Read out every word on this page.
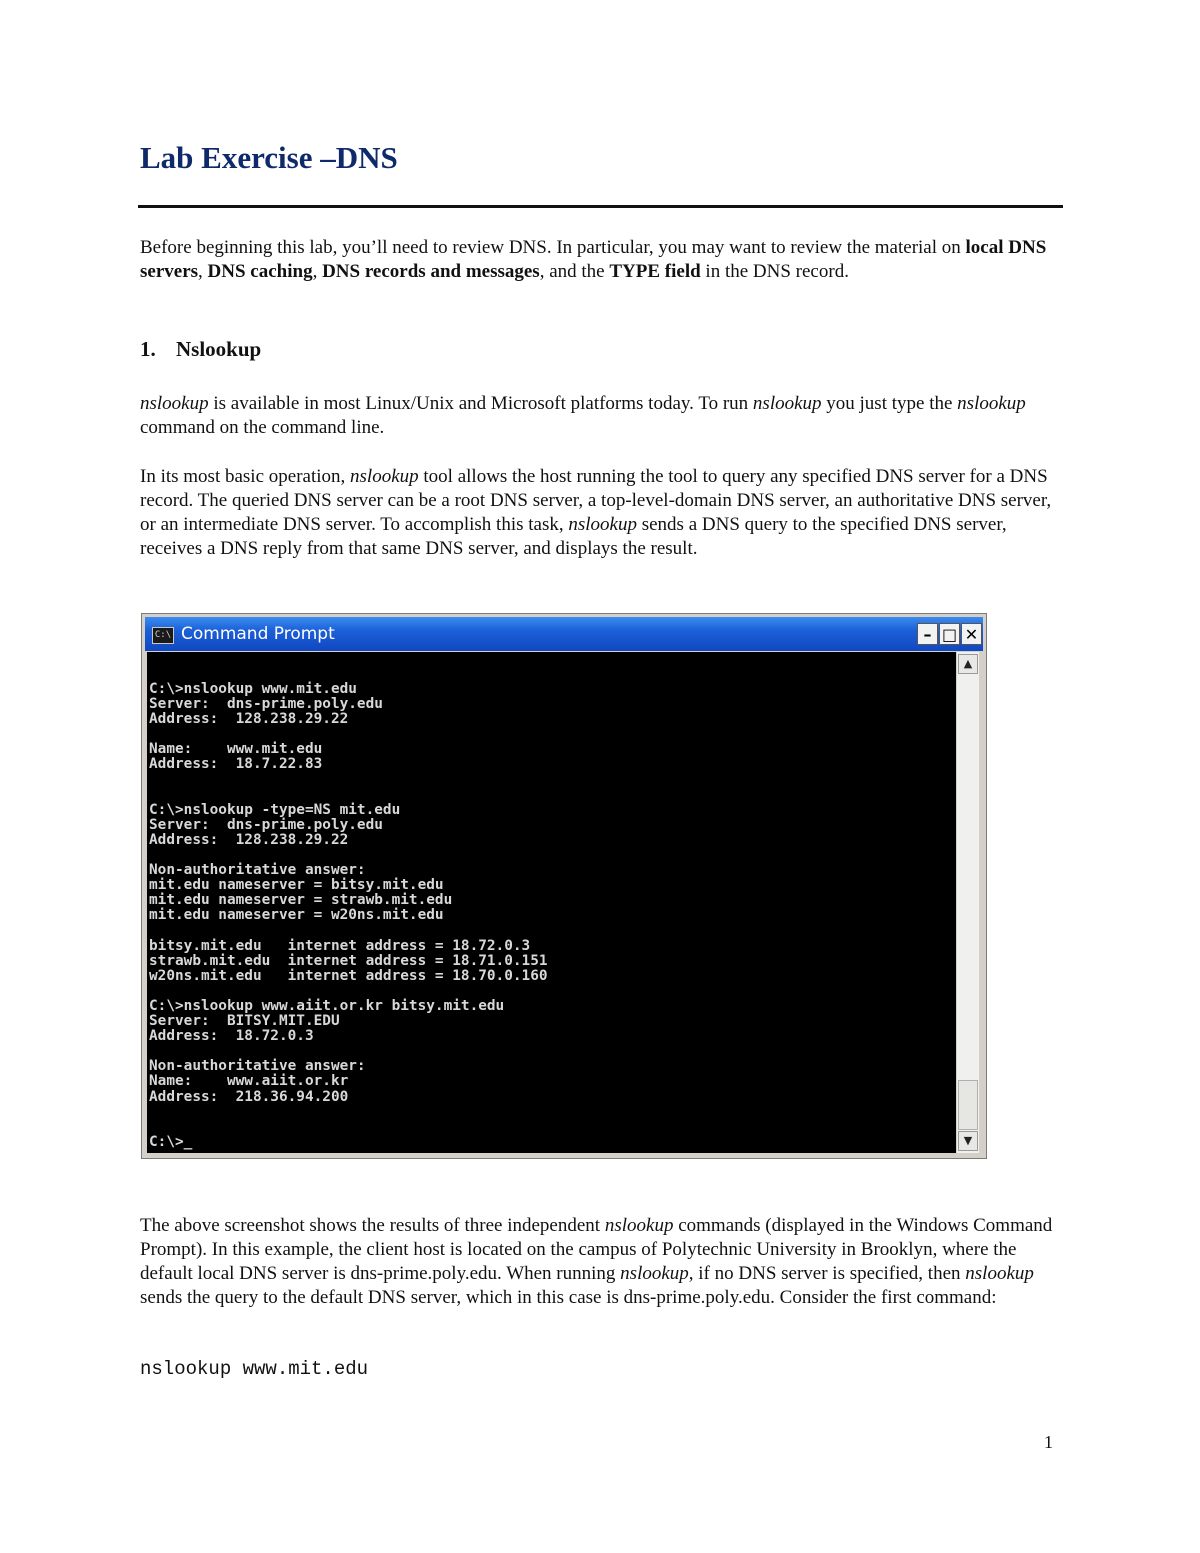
Lab Exercise –DNS

Before beginning this lab, you’ll need to review DNS. In particular, you may want to review the material on local DNS servers, DNS caching, DNS records and messages, and the TYPE field in the DNS record.

1. Nslookup

nslookup is available in most Linux/Unix and Microsoft platforms today. To run nslookup you just type the nslookup command on the command line.

In its most basic operation, nslookup tool allows the host running the tool to query any specified DNS server for a DNS record. The queried DNS server can be a root DNS server, a top-level-domain DNS server, an authoritative DNS server, or an intermediate DNS server. To accomplish this task, nslookup sends a DNS query to the specified DNS server, receives a DNS reply from that same DNS server, and displays the result.

C:\ Command Prompt	– □ ✕
C:\>nslookup www.mit.edu
Server:  dns-prime.poly.edu
Address:  128.238.29.22

Name:    www.mit.edu
Address:  18.7.22.83

C:\>nslookup -type=NS mit.edu
Server:  dns-prime.poly.edu
Address:  128.238.29.22

Non-authoritative answer:
mit.edu nameserver = bitsy.mit.edu
mit.edu nameserver = strawb.mit.edu
mit.edu nameserver = w20ns.mit.edu

bitsy.mit.edu   internet address = 18.72.0.3
strawb.mit.edu  internet address = 18.71.0.151
w20ns.mit.edu   internet address = 18.70.0.160

C:\>nslookup www.aiit.or.kr bitsy.mit.edu
Server:  BITSY.MIT.EDU
Address:  18.72.0.3

Non-authoritative answer:
Name:    www.aiit.or.kr
Address:  218.36.94.200

C:\>_
▲
▼

The above screenshot shows the results of three independent nslookup commands (displayed in the Windows Command Prompt). In this example, the client host is located on the campus of Polytechnic University in Brooklyn, where the default local DNS server is dns-prime.poly.edu. When running nslookup, if no DNS server is specified, then nslookup sends the query to the default DNS server, which in this case is dns-prime.poly.edu. Consider the first command:

nslookup www.mit.edu

1
